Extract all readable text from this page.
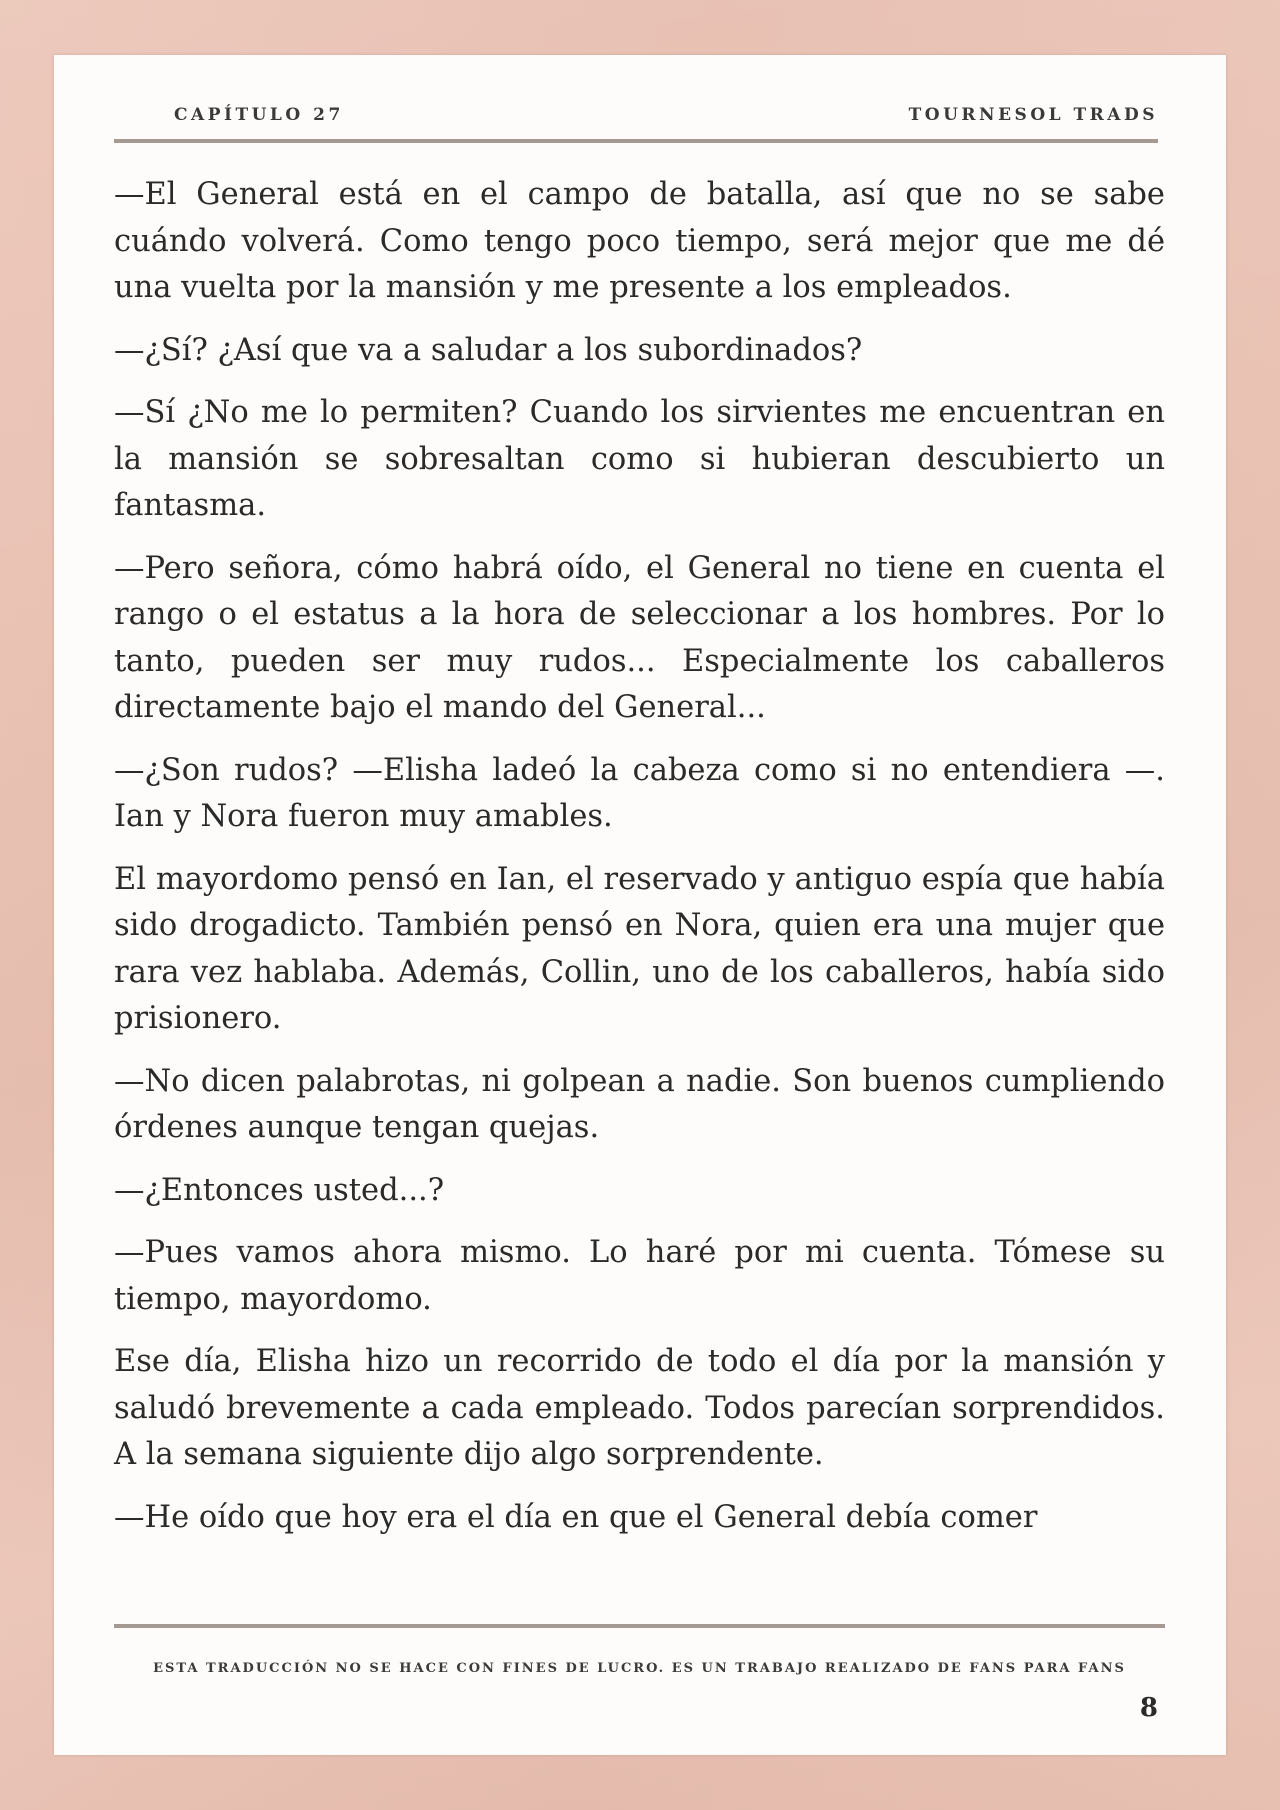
CAPÍTULO 27	TOURNESOL TRADS

—El General está en el campo de batalla, así que no se sabe cuándo volverá. Como tengo poco tiempo, será mejor que me dé una vuelta por la mansión y me presente a los empleados.

—¿Sí? ¿Así que va a saludar a los subordinados?

—Sí ¿No me lo permiten? Cuando los sirvientes me encuentran en la mansión se sobresaltan como si hubieran descubierto un fantasma.

—Pero señora, cómo habrá oído, el General no tiene en cuenta el rango o el estatus a la hora de seleccionar a los hombres. Por lo tanto, pueden ser muy rudos... Especialmente los caballeros directamente bajo el mando del General...

—¿Son rudos? —Elisha ladeó la cabeza como si no entendiera —. Ian y Nora fueron muy amables.

El mayordomo pensó en Ian, el reservado y antiguo espía que había sido drogadicto. También pensó en Nora, quien era una mujer que rara vez hablaba. Además, Collin, uno de los caballeros, había sido prisionero.

—No dicen palabrotas, ni golpean a nadie. Son buenos cumpliendo órdenes aunque tengan quejas.

—¿Entonces usted...?

—Pues vamos ahora mismo. Lo haré por mi cuenta. Tómese su tiempo, mayordomo.

Ese día, Elisha hizo un recorrido de todo el día por la mansión y saludó brevemente a cada empleado. Todos parecían sorprendidos. A la semana siguiente dijo algo sorprendente.

—He oído que hoy era el día en que el General debía comer

ESTA TRADUCCIÓN NO SE HACE CON FINES DE LUCRO. ES UN TRABAJO REALIZADO DE FANS PARA FANS
8
